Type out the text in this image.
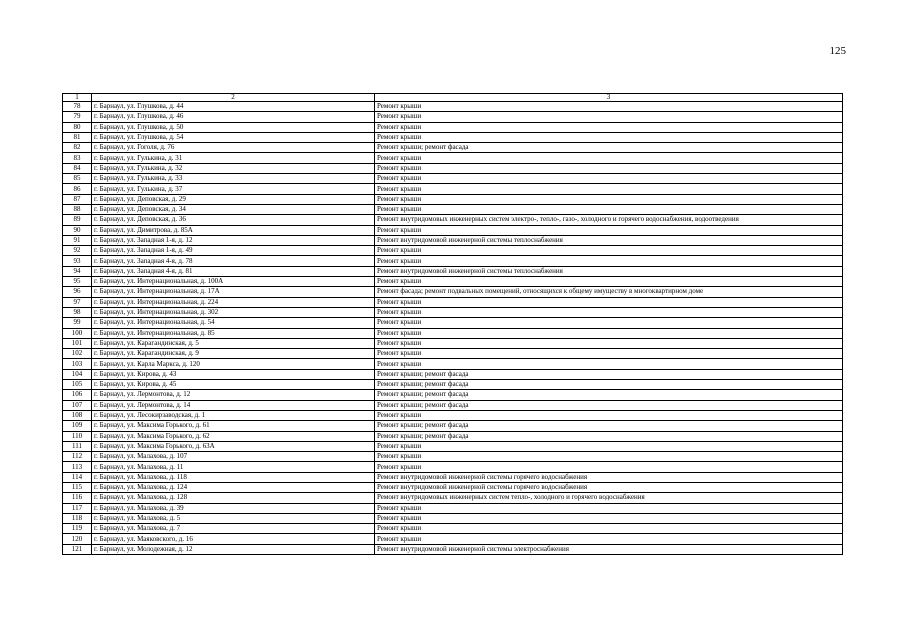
125
1	2	3
78	г. Барнаул, ул. Глушкова, д. 44	Ремонт крыши
79	г. Барнаул, ул. Глушкова, д. 46	Ремонт крыши
80	г. Барнаул, ул. Глушкова, д. 50	Ремонт крыши
81	г. Барнаул, ул. Глушкова, д. 54	Ремонт крыши
82	г. Барнаул, ул. Гоголя, д. 76	Ремонт крыши; ремонт фасада
83	г. Барнаул, ул. Гулькина, д. 31	Ремонт крыши
84	г. Барнаул, ул. Гулькина, д. 32	Ремонт крыши
85	г. Барнаул, ул. Гулькина, д. 33	Ремонт крыши
86	г. Барнаул, ул. Гулькина, д. 37	Ремонт крыши
87	г. Барнаул, ул. Деповская, д. 29	Ремонт крыши
88	г. Барнаул, ул. Деповская, д. 34	Ремонт крыши
89	г. Барнаул, ул. Деповская, д. 36	Ремонт внутридомовых инженерных систем электро-, тепло-, газо-, холодного и горячего водоснабжения, водоотведения
90	г. Барнаул, ул. Димитрова, д. 85А	Ремонт крыши
91	г. Барнаул, ул. Западная 1-я, д. 12	Ремонт внутридомовой инженерной системы теплоснабжения
92	г. Барнаул, ул. Западная 1-я, д. 49	Ремонт крыши
93	г. Барнаул, ул. Западная 4-я, д. 78	Ремонт крыши
94	г. Барнаул, ул. Западная 4-я, д. 81	Ремонт внутридомовой инженерной системы теплоснабжения
95	г. Барнаул, ул. Интернациональная, д. 100А	Ремонт крыши
96	г. Барнаул, ул. Интернациональная, д. 17А	Ремонт фасада; ремонт подвальных помещений, относящихся к общему имуществу в многоквартирном доме
97	г. Барнаул, ул. Интернациональная, д. 224	Ремонт крыши
98	г. Барнаул, ул. Интернациональная, д. 302	Ремонт крыши
99	г. Барнаул, ул. Интернациональная, д. 54	Ремонт крыши
100	г. Барнаул, ул. Интернациональная, д. 85	Ремонт крыши
101	г. Барнаул, ул. Карагандинская, д. 5	Ремонт крыши
102	г. Барнаул, ул. Карагандинская, д. 9	Ремонт крыши
103	г. Барнаул, ул. Карла Маркса, д. 120	Ремонт крыши
104	г. Барнаул, ул. Кирова, д. 43	Ремонт крыши; ремонт фасада
105	г. Барнаул, ул. Кирова, д. 45	Ремонт крыши; ремонт фасада
106	г. Барнаул, ул. Лермонтова, д. 12	Ремонт крыши; ремонт фасада
107	г. Барнаул, ул. Лермонтова, д. 14	Ремонт крыши; ремонт фасада
108	г. Барнаул, ул. Лесокирзаводская, д. 1	Ремонт крыши
109	г. Барнаул, ул. Максима Горького, д. 61	Ремонт крыши; ремонт фасада
110	г. Барнаул, ул. Максима Горького, д. 62	Ремонт крыши; ремонт фасада
111	г. Барнаул, ул. Максима Горького, д. 63А	Ремонт крыши
112	г. Барнаул, ул. Малахова, д. 107	Ремонт крыши
113	г. Барнаул, ул. Малахова, д. 11	Ремонт крыши
114	г. Барнаул, ул. Малахова, д. 118	Ремонт внутридомовой инженерной системы горячего водоснабжения
115	г. Барнаул, ул. Малахова, д. 124	Ремонт внутридомовой инженерной системы горячего водоснабжения
116	г. Барнаул, ул. Малахова, д. 128	Ремонт внутридомовых инженерных систем тепло-, холодного и горячего водоснабжения
117	г. Барнаул, ул. Малахова, д. 39	Ремонт крыши
118	г. Барнаул, ул. Малахова, д. 5	Ремонт крыши
119	г. Барнаул, ул. Малахова, д. 7	Ремонт крыши
120	г. Барнаул, ул. Маяковского, д. 16	Ремонт крыши
121	г. Барнаул, ул. Молодежная, д. 12	Ремонт внутридомовой инженерной системы электроснабжения
